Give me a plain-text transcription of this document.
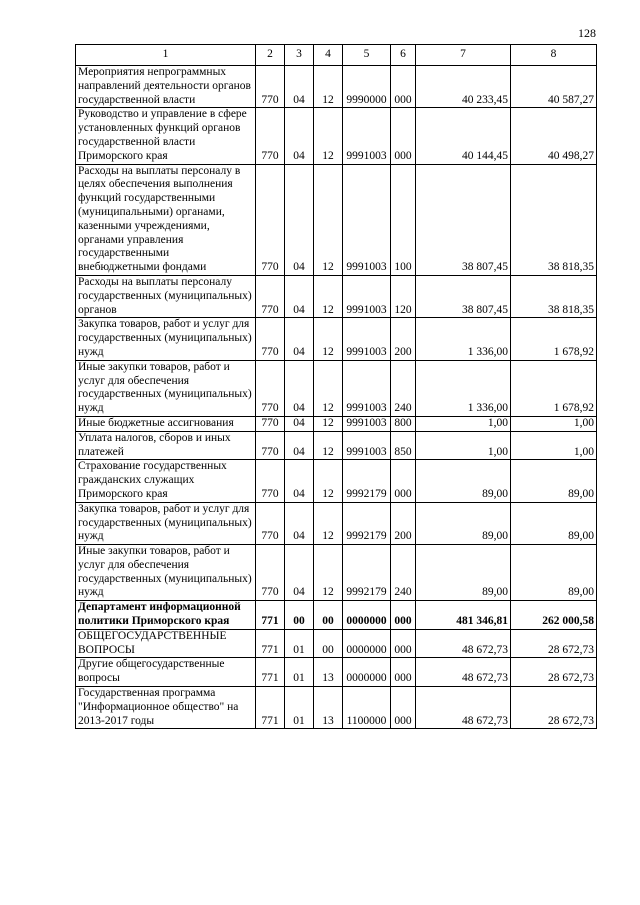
128
1	2	3	4	5	6	7	8
Мероприятия непрограммных направлений деятельности органов государственной власти	770	04	12	9990000	000	40 233,45	40 587,27
Руководство и управление в сфере установленных функций органов государственной власти Приморского края	770	04	12	9991003	000	40 144,45	40 498,27
Расходы на выплаты персоналу в целях обеспечения выполнения функций государственными (муниципальными) органами, казенными учреждениями, органами управления государственными внебюджетными фондами	770	04	12	9991003	100	38 807,45	38 818,35
Расходы на выплаты персоналу государственных (муниципальных) органов	770	04	12	9991003	120	38 807,45	38 818,35
Закупка товаров, работ и услуг для государственных (муниципальных) нужд	770	04	12	9991003	200	1 336,00	1 678,92
Иные закупки товаров, работ и услуг для обеспечения государственных (муниципальных) нужд	770	04	12	9991003	240	1 336,00	1 678,92
Иные бюджетные ассигнования	770	04	12	9991003	800	1,00	1,00
Уплата налогов, сборов и иных платежей	770	04	12	9991003	850	1,00	1,00
Страхование государственных гражданских служащих Приморского края	770	04	12	9992179	000	89,00	89,00
Закупка товаров, работ и услуг для государственных (муниципальных) нужд	770	04	12	9992179	200	89,00	89,00
Иные закупки товаров, работ и услуг для обеспечения государственных (муниципальных) нужд	770	04	12	9992179	240	89,00	89,00
Департамент информационной политики Приморского края	771	00	00	0000000	000	481 346,81	262 000,58
ОБЩЕГОСУДАРСТВЕННЫЕ ВОПРОСЫ	771	01	00	0000000	000	48 672,73	28 672,73
Другие общегосударственные вопросы	771	01	13	0000000	000	48 672,73	28 672,73
Государственная программа "Информационное общество" на 2013-2017 годы	771	01	13	1100000	000	48 672,73	28 672,73
